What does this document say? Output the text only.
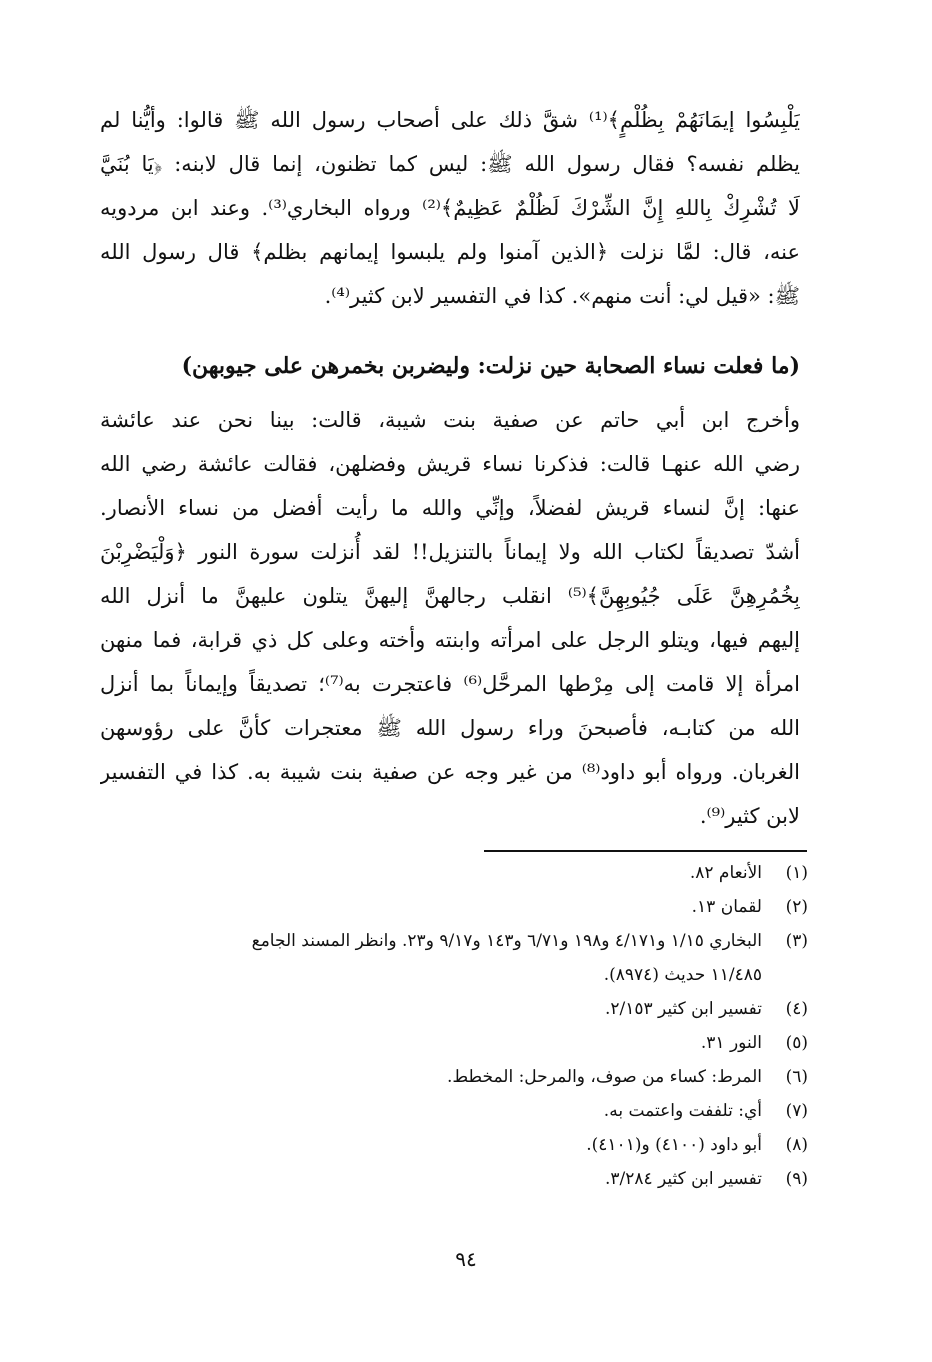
يَلْبِسُوا إيمَانَهُمْ بِظُلْمٍ﴾⁽¹⁾ شقَّ ذلك على أصحاب رسول الله ﷺ قالوا: وأيُّنا لم
يظلم نفسه؟ فقال رسول الله ﷺ: ليس كما تظنون، إنما قال لابنه: ﴿يَا بُنَيَّ
لَا تُشْرِكْ بِاللهِ إِنَّ الشِّرْكَ لَظُلْمٌ عَظِيمٌ﴾⁽²⁾ ورواه البخاري⁽³⁾. وعند ابن مردويه
عنه، قال: لمَّا نزلت ﴿الذين آمنوا ولم يلبسوا إيمانهم بظلم﴾ قال رسول الله
ﷺ: «قيل لي: أنت منهم». كذا في التفسير لابن كثير⁽⁴⁾.
(ما فعلت نساء الصحابة حين نزلت: وليضربن بخمرهن على جيوبهن)
وأخرج ابن أبي حاتم عن صفية بنت شيبة، قالت: بينا نحن عند عائشة
رضي الله عنهـا قالت: فذكرنا نساء قريش وفضلهن، فقالت عائشة رضي الله
عنها: إنَّ لنساء قريش لفضلاً، وإنِّي والله ما رأيت أفضل من نساء الأنصار.
أشدّ تصديقاً لكتاب الله ولا إيماناً بالتنزيل!! لقد أُنزلت سورة النور ﴿وَلْيَضْرِبْنَ
بِخُمُرِهِنَّ عَلَى جُيُوبِهِنَّ﴾⁽⁵⁾ انقلب رجالهنَّ إليهنَّ يتلون عليهنَّ ما أنزل الله
إليهم فيها، ويتلو الرجل على امرأته وابنته وأخته وعلى كل ذي قرابة، فما منهن
امرأة إلا قامت إلى مِرْطها المرحَّل⁽⁶⁾ فاعتجرت به⁽⁷⁾؛ تصديقاً وإيماناً بما أنزل
الله من كتابـه، فأصبحنَ وراء رسول الله ﷺ معتجرات كأنَّ على رؤوسهن
الغربان. ورواه أبو داود⁽⁸⁾ من غير وجه عن صفية بنت شيبة به. كذا في التفسير
لابن كثير⁽⁹⁾.
(١)
الأنعام ٨٢.
(٢)
لقمان ١٣.
(٣)
البخاري ١/١٥ و٤/١٧١ و١٩٨ و٦/٧١ و١٤٣ و٩/١٧ و٢٣. وانظر المسند الجامع
١١/٤٨٥ حديث (٨٩٧٤).
(٤)
تفسير ابن كثير ٢/١٥٣.
(٥)
النور ٣١.
(٦)
المرط: كساء من صوف، والمرحل: المخطط.
(٧)
أي: تلففت واعتمت به.
(٨)
أبو داود (٤١٠٠) و(٤١٠١).
(٩)
تفسير ابن كثير ٣/٢٨٤.
٩٤
